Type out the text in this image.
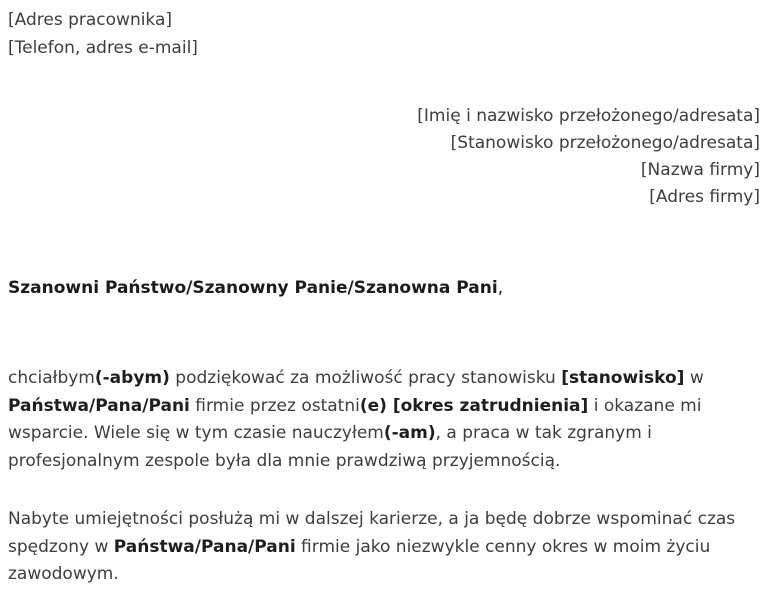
[Adres pracownika]

[Telefon, adres e-mail]

[Imię i nazwisko przełożonego/adresata]

[Stanowisko przełożonego/adresata]

[Nazwa firmy]

[Adres firmy]

Szanowni Państwo/Szanowny Panie/Szanowna Pani,

chciałbym(-abym) podziękować za możliwość pracy stanowisku [stanowisko] w Państwa/Pana/Pani firmie przez ostatni(e) [okres zatrudnienia] i okazane mi wsparcie. Wiele się w tym czasie nauczyłem(-am), a praca w tak zgranym i profesjonalnym zespole była dla mnie prawdziwą przyjemnością.

Nabyte umiejętności posłużą mi w dalszej karierze, a ja będę dobrze wspominać czas spędzony w Państwa/Pana/Pani firmie jako niezwykle cenny okres w moim życiu zawodowym.
